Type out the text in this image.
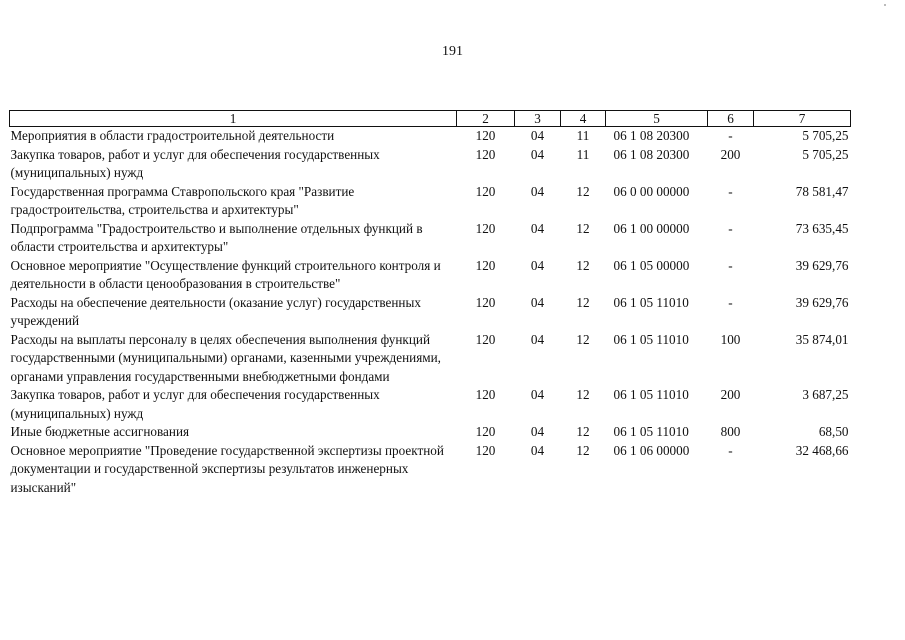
191
1	2	3	4	5	6	7
Мероприятия в области градостроительной деятельности	120	04	11	06 1 08 20300	-	5 705,25
Закупка товаров, работ и услуг для обеспечения государственных (муниципальных) нужд	120	04	11	06 1 08 20300	200	5 705,25
Государственная программа Ставропольского края "Развитие градостроительства, строительства и архитектуры"	120	04	12	06 0 00 00000	-	78 581,47
Подпрограмма "Градостроительство и выполнение отдельных функций в области строительства и архитектуры"	120	04	12	06 1 00 00000	-	73 635,45
Основное мероприятие "Осуществление функций строительного контроля и деятельности в области ценообразования в строительстве"	120	04	12	06 1 05 00000	-	39 629,76
Расходы на обеспечение деятельности (оказание услуг) государственных учреждений	120	04	12	06 1 05 11010	-	39 629,76
Расходы на выплаты персоналу в целях обеспечения выполнения функций государственными (муниципальными) органами, казенными учреждениями, органами управления государственными внебюджетными фондами	120	04	12	06 1 05 11010	100	35 874,01
Закупка товаров, работ и услуг для обеспечения государственных (муниципальных) нужд	120	04	12	06 1 05 11010	200	3 687,25
Иные бюджетные ассигнования	120	04	12	06 1 05 11010	800	68,50
Основное мероприятие "Проведение государственной экспертизы проектной документации и государственной экспертизы результатов инженерных изысканий"	120	04	12	06 1 06 00000	-	32 468,66
